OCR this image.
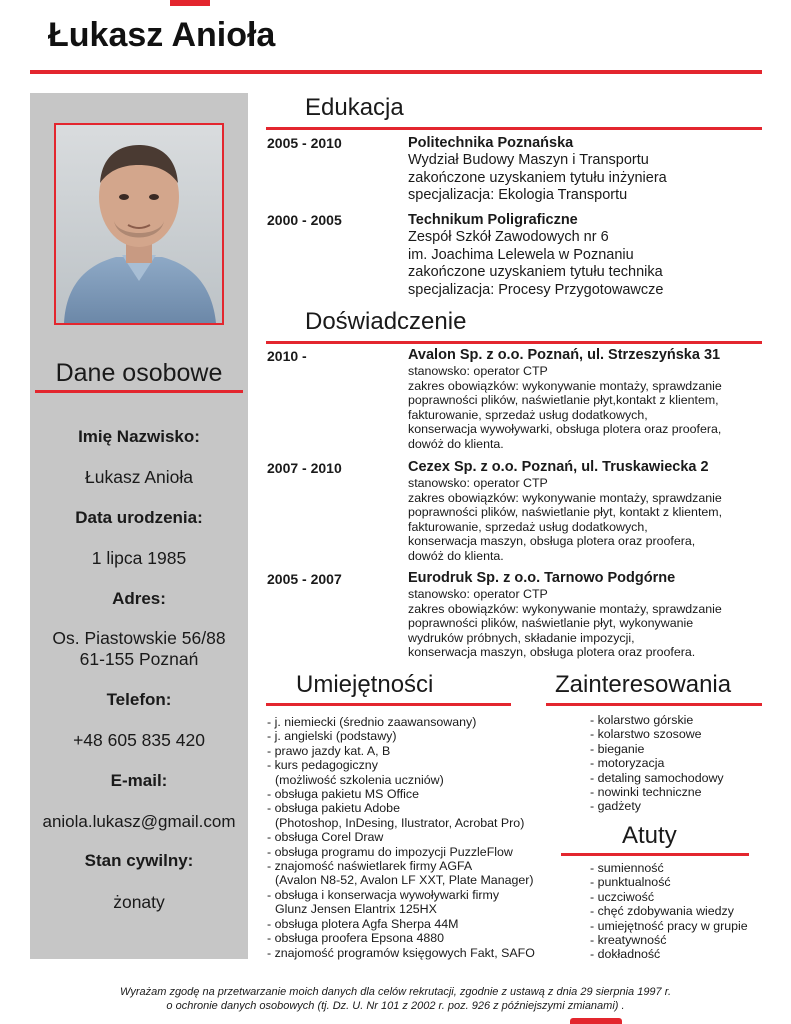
Łukasz Anioła
Dane osobowe
Imię Nazwisko:
Łukasz Anioła
Data urodzenia:
1 lipca 1985
Adres:
Os. Piastowskie 56/88
61-155 Poznań
Telefon:
+48 605 835 420
E-mail:
aniola.lukasz@gmail.com
Stan cywilny:
żonaty
Edukacja
2005 - 2010	Politechnika Poznańska
Wydział Budowy Maszyn i Transportu
zakończone uzyskaniem tytułu inżyniera
specjalizacja: Ekologia Transportu
2000 - 2005	Technikum Poligraficzne
Zespół Szkół Zawodowych nr 6
im. Joachima Lelewela w Poznaniu
zakończone uzyskaniem tytułu technika
specjalizacja: Procesy Przygotowawcze
Doświadczenie
2010 -	Avalon Sp. z o.o. Poznań, ul. Strzeszyńska 31
stanowsko: operator CTP
zakres obowiązków: wykonywanie montaży, sprawdzanie
poprawności plików, naświetlanie płyt,kontakt z klientem,
fakturowanie, sprzedaż usług dodatkowych,
konserwacja wywoływarki, obsługa plotera oraz proofera,
dowóż do klienta.
2007 - 2010	Cezex Sp. z o.o. Poznań, ul. Truskawiecka 2
stanowsko: operator CTP
zakres obowiązków: wykonywanie montaży, sprawdzanie
poprawności plików, naświetlanie płyt, kontakt z klientem,
fakturowanie, sprzedaż usług dodatkowych,
konserwacja maszyn, obsługa plotera oraz proofera,
dowóż do klienta.
2005 - 2007	Eurodruk Sp. z o.o. Tarnowo Podgórne
stanowsko: operator CTP
zakres obowiązków: wykonywanie montaży, sprawdzanie
poprawności plików, naświetlanie płyt, wykonywanie
wydruków próbnych, składanie impozycji,
konserwacja maszyn, obsługa plotera oraz proofera.
Umiejętności
- j. niemiecki (średnio zaawansowany)
- j. angielski (podstawy)
- prawo jazdy kat. A, B
- kurs pedagogiczny
(możliwość szkolenia uczniów)
- obsługa pakietu MS Office
- obsługa pakietu Adobe
(Photoshop, InDesing, Ilustrator, Acrobat Pro)
- obsługa Corel Draw
- obsługa programu do impozycji PuzzleFlow
- znajomość naświetlarek firmy AGFA
(Avalon N8-52, Avalon LF XXT, Plate Manager)
- obsługa i konserwacja wywoływarki firmy
Glunz Jensen Elantrix 125HX
- obsługa plotera Agfa Sherpa 44M
- obsługa proofera Epsona 4880
- znajomość programów księgowych Fakt, SAFO
Zainteresowania
- kolarstwo górskie
- kolarstwo szosowe
- bieganie
- motoryzacja
- detaling samochodowy
- nowinki techniczne
- gadżety
Atuty
- sumienność
- punktualność
- uczciwość
- chęć zdobywania wiedzy
- umiejętność pracy w grupie
- kreatywność
- dokładność
Wyrażam zgodę na przetwarzanie moich danych dla celów rekrutacji, zgodnie z ustawą z dnia 29 sierpnia 1997 r.
o ochronie danych osobowych (tj. Dz. U. Nr 101 z 2002 r. poz. 926 z późniejszymi zmianami) .
